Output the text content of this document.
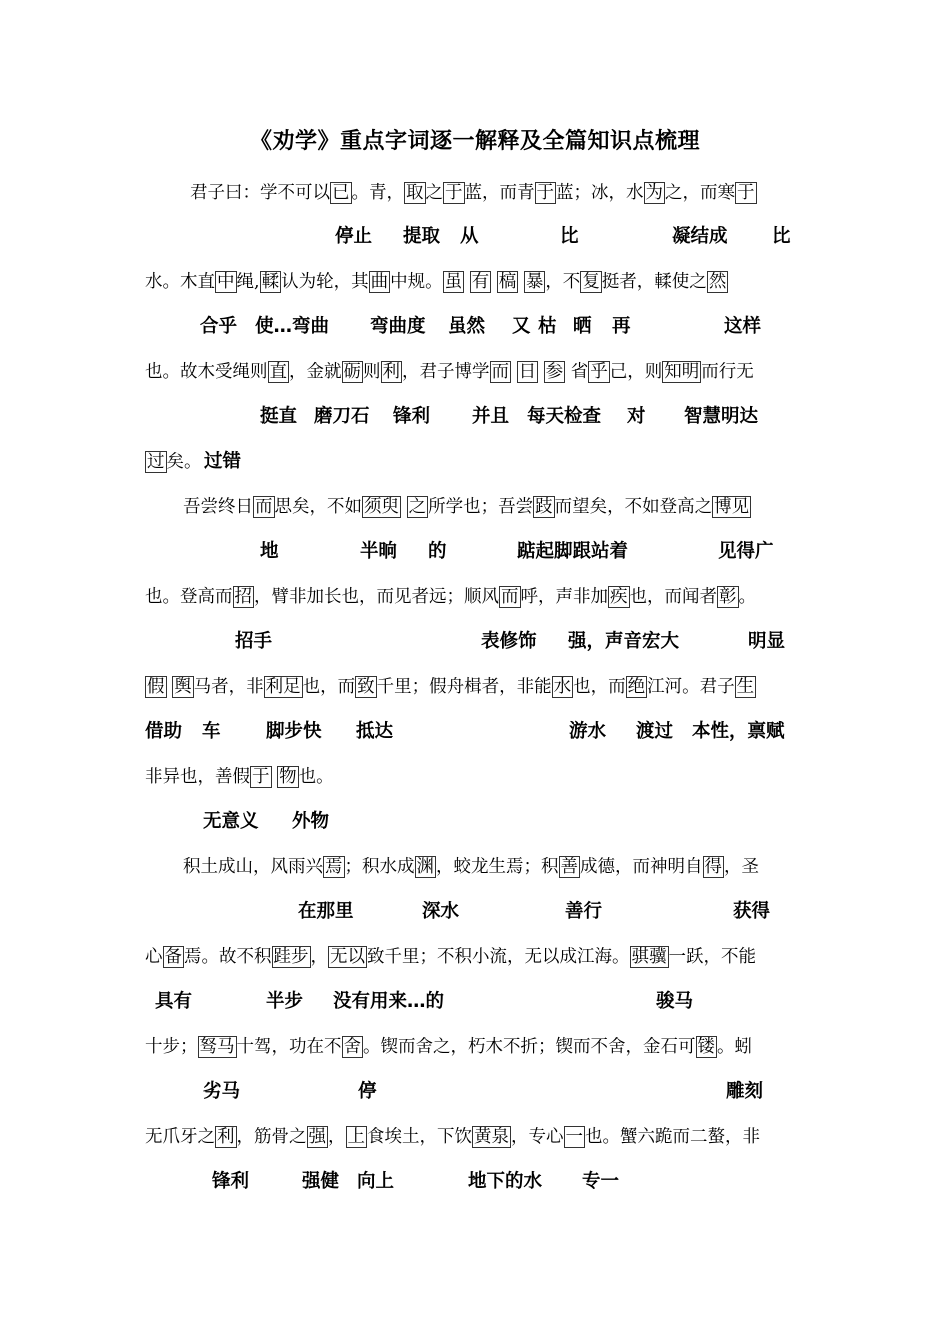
《劝学》重点字词逐一解释及全篇知识点梳理
君子曰：学不可以 已 。青， 取 之 于 蓝，而青 于 蓝；冰，水 为 之，而寒 于
停止 提取 从	比	凝结成 比
水。木直 中 绳, 輮 认为轮，其 曲 中规。 虽 有 槁 暴 ，不 复 挺者，輮使之 然
合乎 使…弯曲 弯曲度 虽然 又 枯 晒 再	这样
也。故木受绳则 直 ，金就 砺 则 利 ，君子博学 而 日 参 省 乎 己，则 知明 而行无
挺直 磨刀石 锋利 并且 每天检查 对 智慧明达
过 矣。 过错
吾尝终日 而 思矣，不如 须臾 之 所学也；吾尝 跂 而望矣，不如登高之 博见
地	半晌 的	踮起脚跟站着	见得广
也。登高而 招 ，臂非加长也，而见者远；顺风 而 呼，声非加 疾 也，而闻者 彰 。
招手	表修饰 强，声音宏大	明显
假 舆 马者，非 利足 也，而 致 千里；假舟楫者，非能 水 也，而 绝 江河。君子 生
借助 车 脚步快 抵达	游水 渡过 本性，禀赋
非异也，善假 于 物 也。
无意义 外物
积土成山，风雨兴 焉 ；积水成 渊 ，蛟龙生焉；积 善 成德，而神明自 得 ，圣
在那里	深水	善行	获得
心 备 焉。故不积 跬步 ， 无以 致千里；不积小流，无以成江海。 骐骥 一跃，不能
具有	半步 没有用来…的	骏马
十步； 驽马 十驾，功在不 舍 。锲而舍之，朽木不折；锲而不舍，金石可 镂 。蚓
劣马	停	雕刻
无爪牙之 利 ，筋骨之 强 ， 上 食埃土，下饮 黄泉 ，专心 一 也。蟹六跪而二螯，非
锋利	强健 向上	地下的水 专一
